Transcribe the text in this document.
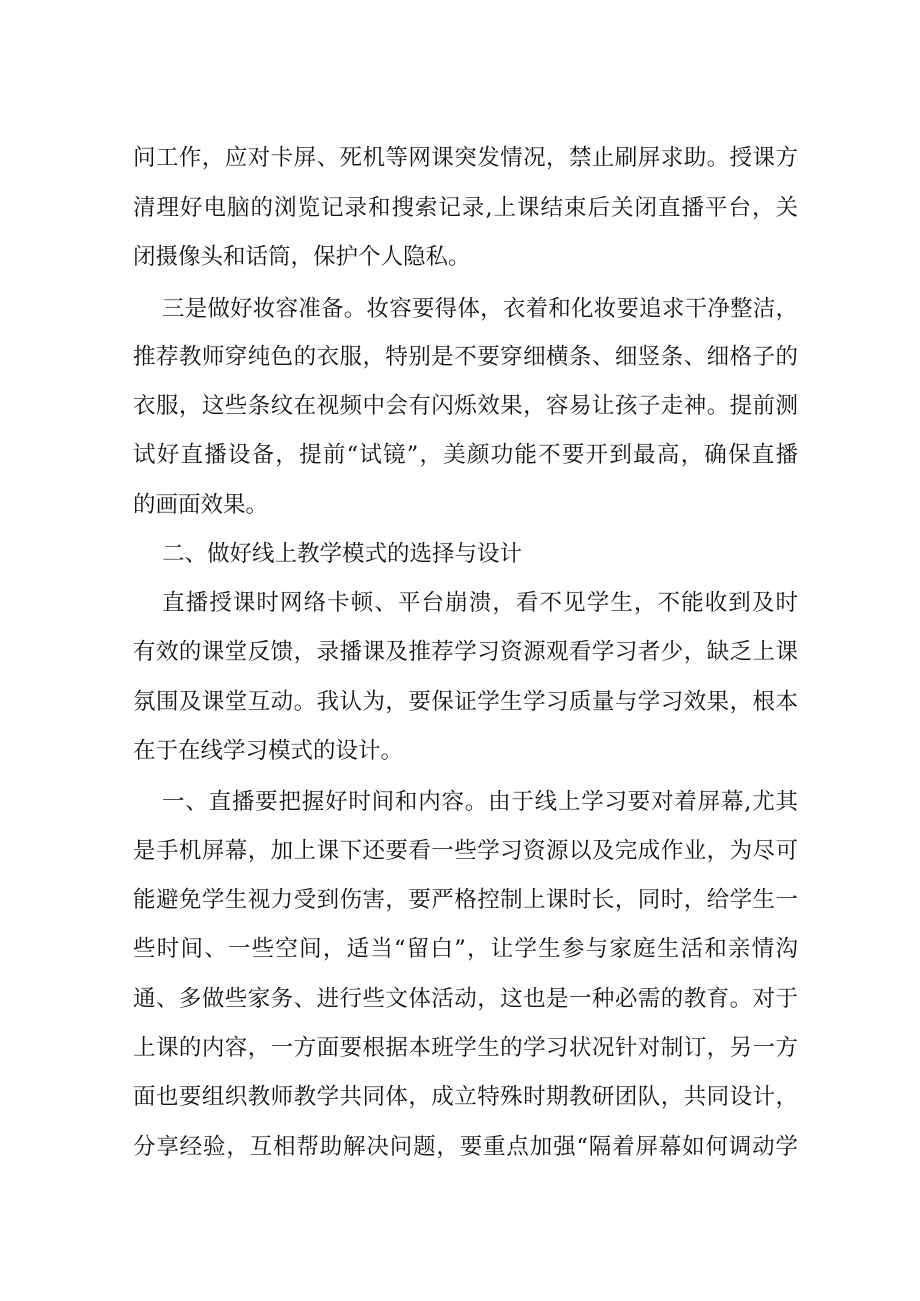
问工作，应对卡屏、死机等网课突发情况，禁止刷屏求助。授课方
清理好电脑的浏览记录和搜索记录,上课结束后关闭直播平台，关
闭摄像头和话筒，保护个人隐私。
三是做好妆容准备。妆容要得体，衣着和化妆要追求干净整洁，
推荐教师穿纯色的衣服，特别是不要穿细横条、细竖条、细格子的
衣服，这些条纹在视频中会有闪烁效果，容易让孩子走神。提前测
试好直播设备，提前“试镜”，美颜功能不要开到最高，确保直播
的画面效果。
二、做好线上教学模式的选择与设计
直播授课时网络卡顿、平台崩溃，看不见学生，不能收到及时
有效的课堂反馈，录播课及推荐学习资源观看学习者少，缺乏上课
氛围及课堂互动。我认为，要保证学生学习质量与学习效果，根本
在于在线学习模式的设计。
一、直播要把握好时间和内容。由于线上学习要对着屏幕,尤其
是手机屏幕，加上课下还要看一些学习资源以及完成作业，为尽可
能避免学生视力受到伤害，要严格控制上课时长，同时，给学生一
些时间、一些空间，适当“留白”，让学生参与家庭生活和亲情沟
通、多做些家务、进行些文体活动，这也是一种必需的教育。对于
上课的内容，一方面要根据本班学生的学习状况针对制订，另一方
面也要组织教师教学共同体，成立特殊时期教研团队，共同设计，
分享经验，互相帮助解决问题，要重点加强“隔着屏幕如何调动学
